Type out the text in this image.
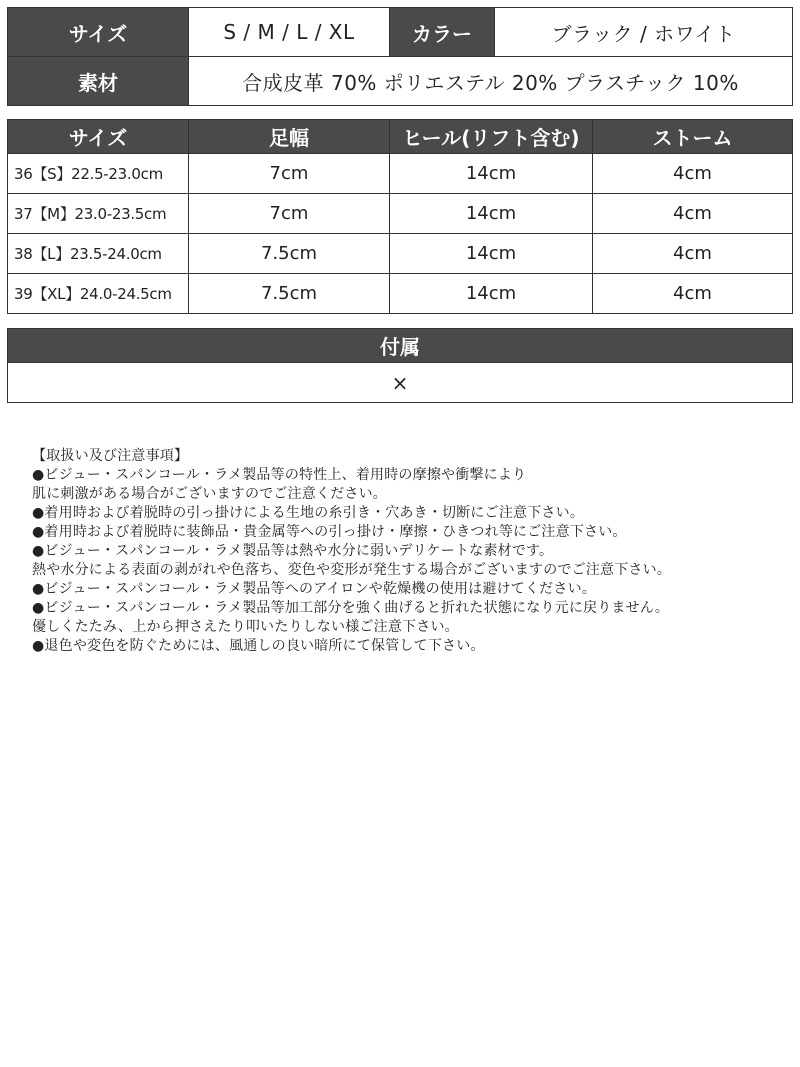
サイズ	S / M / L / XL	カラー	ブラック / ホワイト
素材	合成皮革 70% ポリエステル 20% プラスチック 10%		
サイズ	足幅	ヒール(リフト含む)	ストーム
36【S】22.5-23.0cm	7cm	14cm	4cm
37【M】23.0-23.5cm	7cm	14cm	4cm
38【L】23.5-24.0cm	7.5cm	14cm	4cm
39【XL】24.0-24.5cm	7.5cm	14cm	4cm
付属
×
【取扱い及び注意事項】
●ビジュー・スパンコール・ラメ製品等の特性上、着用時の摩擦や衝撃により
肌に刺激がある場合がございますのでご注意ください。
●着用時および着脱時の引っ掛けによる生地の糸引き・穴あき・切断にご注意下さい。
●着用時および着脱時に装飾品・貴金属等への引っ掛け・摩擦・ひきつれ等にご注意下さい。
●ビジュー・スパンコール・ラメ製品等は熱や水分に弱いデリケートな素材です。
熱や水分による表面の剥がれや色落ち、変色や変形が発生する場合がございますのでご注意下さい。
●ビジュー・スパンコール・ラメ製品等へのアイロンや乾燥機の使用は避けてください。
●ビジュー・スパンコール・ラメ製品等加工部分を強く曲げると折れた状態になり元に戻りません。
優しくたたみ、上から押さえたり叩いたりしない様ご注意下さい。
●退色や変色を防ぐためには、風通しの良い暗所にて保管して下さい。
